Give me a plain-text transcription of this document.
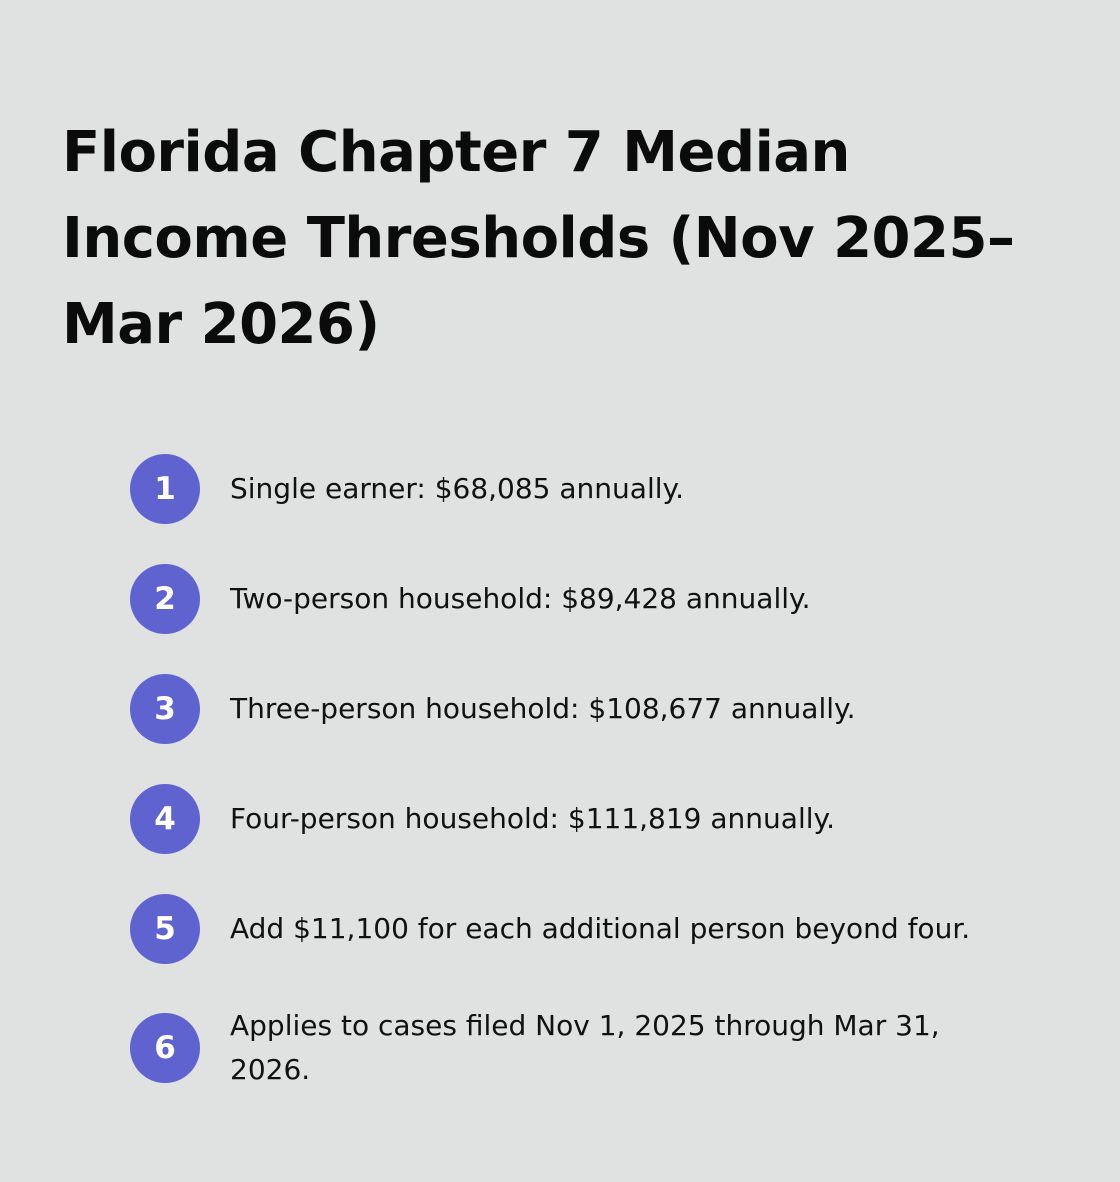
Florida Chapter 7 Median Income Thresholds (Nov 2025– Mar 2026)
1	Single earner: $68,085 annually.
2	Two-person household: $89,428 annually.
3	Three-person household: $108,677 annually.
4	Four-person household: $111,819 annually.
5	Add $11,100 for each additional person beyond four.
6
Applies to cases filed Nov 1, 2025 through Mar 31, 2026.
